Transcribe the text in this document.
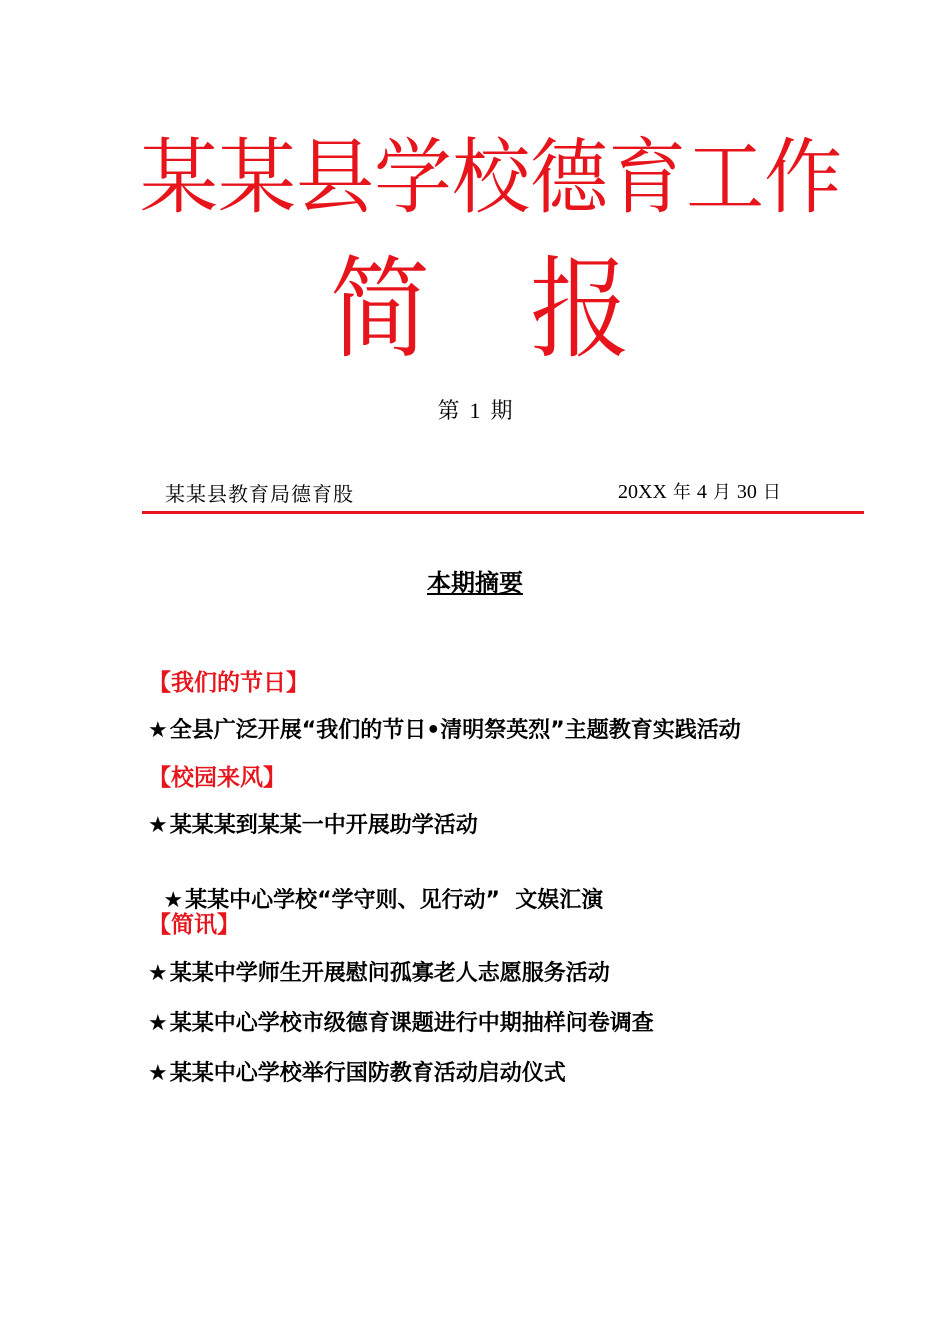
某 某 县 学 校 德 育 工 作
简 报
第 1 期
某某县教育局德育股	20XX 年 4 月 30 日
本期摘要
【我们的节日】
★全县广泛开展“我们的节日•清明祭英烈”主题教育实践活动
【校园来风】
★某某某到某某一中开展助学活动

★某某中心学校“学守则、见行动”  文娱汇演

【简讯】
★某某中学师生开展慰问孤寡老人志愿服务活动
★某某中心学校市级德育课题进行中期抽样问卷调查
★某某中心学校举行国防教育活动启动仪式
